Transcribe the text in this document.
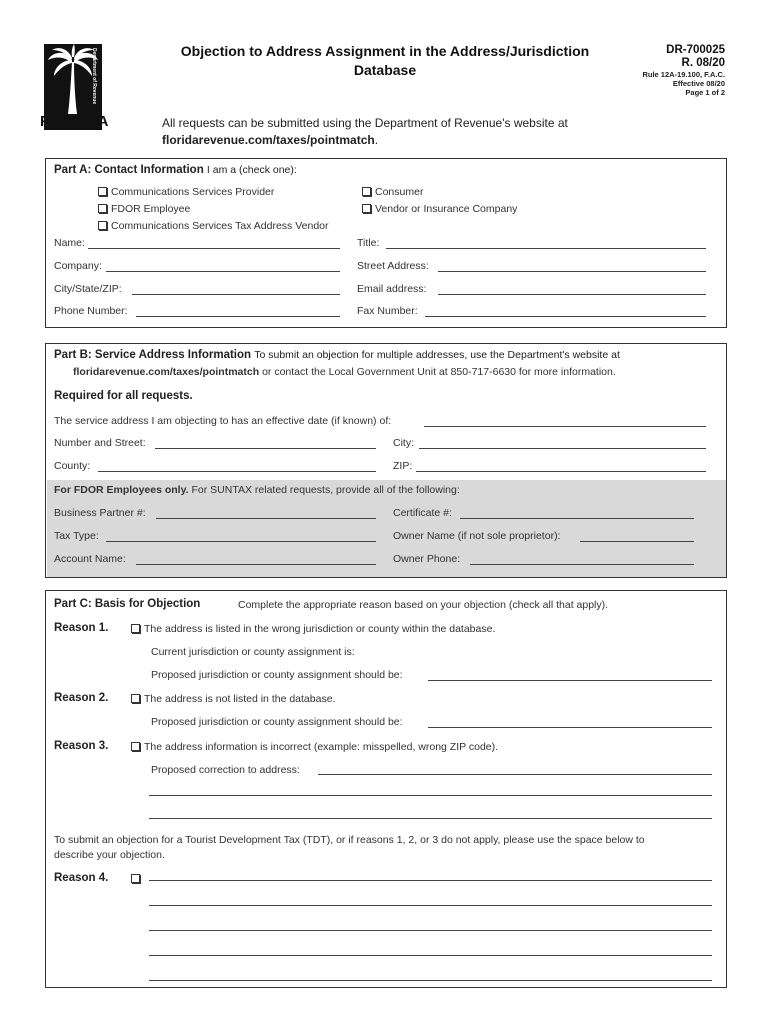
Department of Revenue
FLORIDA
Objection to Address Assignment in the Address/Jurisdiction
Database
DR-700025
R. 08/20
Rule 12A-19.100, F.A.C.
Effective 08/20
Page 1 of 2
All requests can be submitted using the Department of Revenue's website at
floridarevenue.com/taxes/pointmatch.
Part A: Contact Information I am a (check one):
Communications Services Provider
FDOR Employee
Communications Services Tax Address Vendor
Consumer
Vendor or Insurance Company
Name:	Title:
Company:	Street Address:
City/State/ZIP:	Email address:
Phone Number:	Fax Number:
Part B: Service Address Information To submit an objection for multiple addresses, use the Department's website at
floridarevenue.com/taxes/pointmatch or contact the Local Government Unit at 850-717-6630 for more information.
Required for all requests.
The service address I am objecting to has an effective date (if known) of:
Number and Street:	City:
County:	ZIP:
For FDOR Employees only. For SUNTAX related requests, provide all of the following:
Business Partner #:	Certificate #:
Tax Type:	Owner Name (if not sole proprietor):
Account Name:	Owner Phone:
Part C: Basis for Objection	Complete the appropriate reason based on your objection (check all that apply).
Reason 1.	The address is listed in the wrong jurisdiction or county within the database.
Current jurisdiction or county assignment is:
Proposed jurisdiction or county assignment should be:
Reason 2.	The address is not listed in the database.
Proposed jurisdiction or county assignment should be:
Reason 3.	The address information is incorrect (example: misspelled, wrong ZIP code).
Proposed correction to address:
To submit an objection for a Tourist Development Tax (TDT), or if reasons 1, 2, or 3 do not apply, please use the space below to
describe your objection.
Reason 4.
